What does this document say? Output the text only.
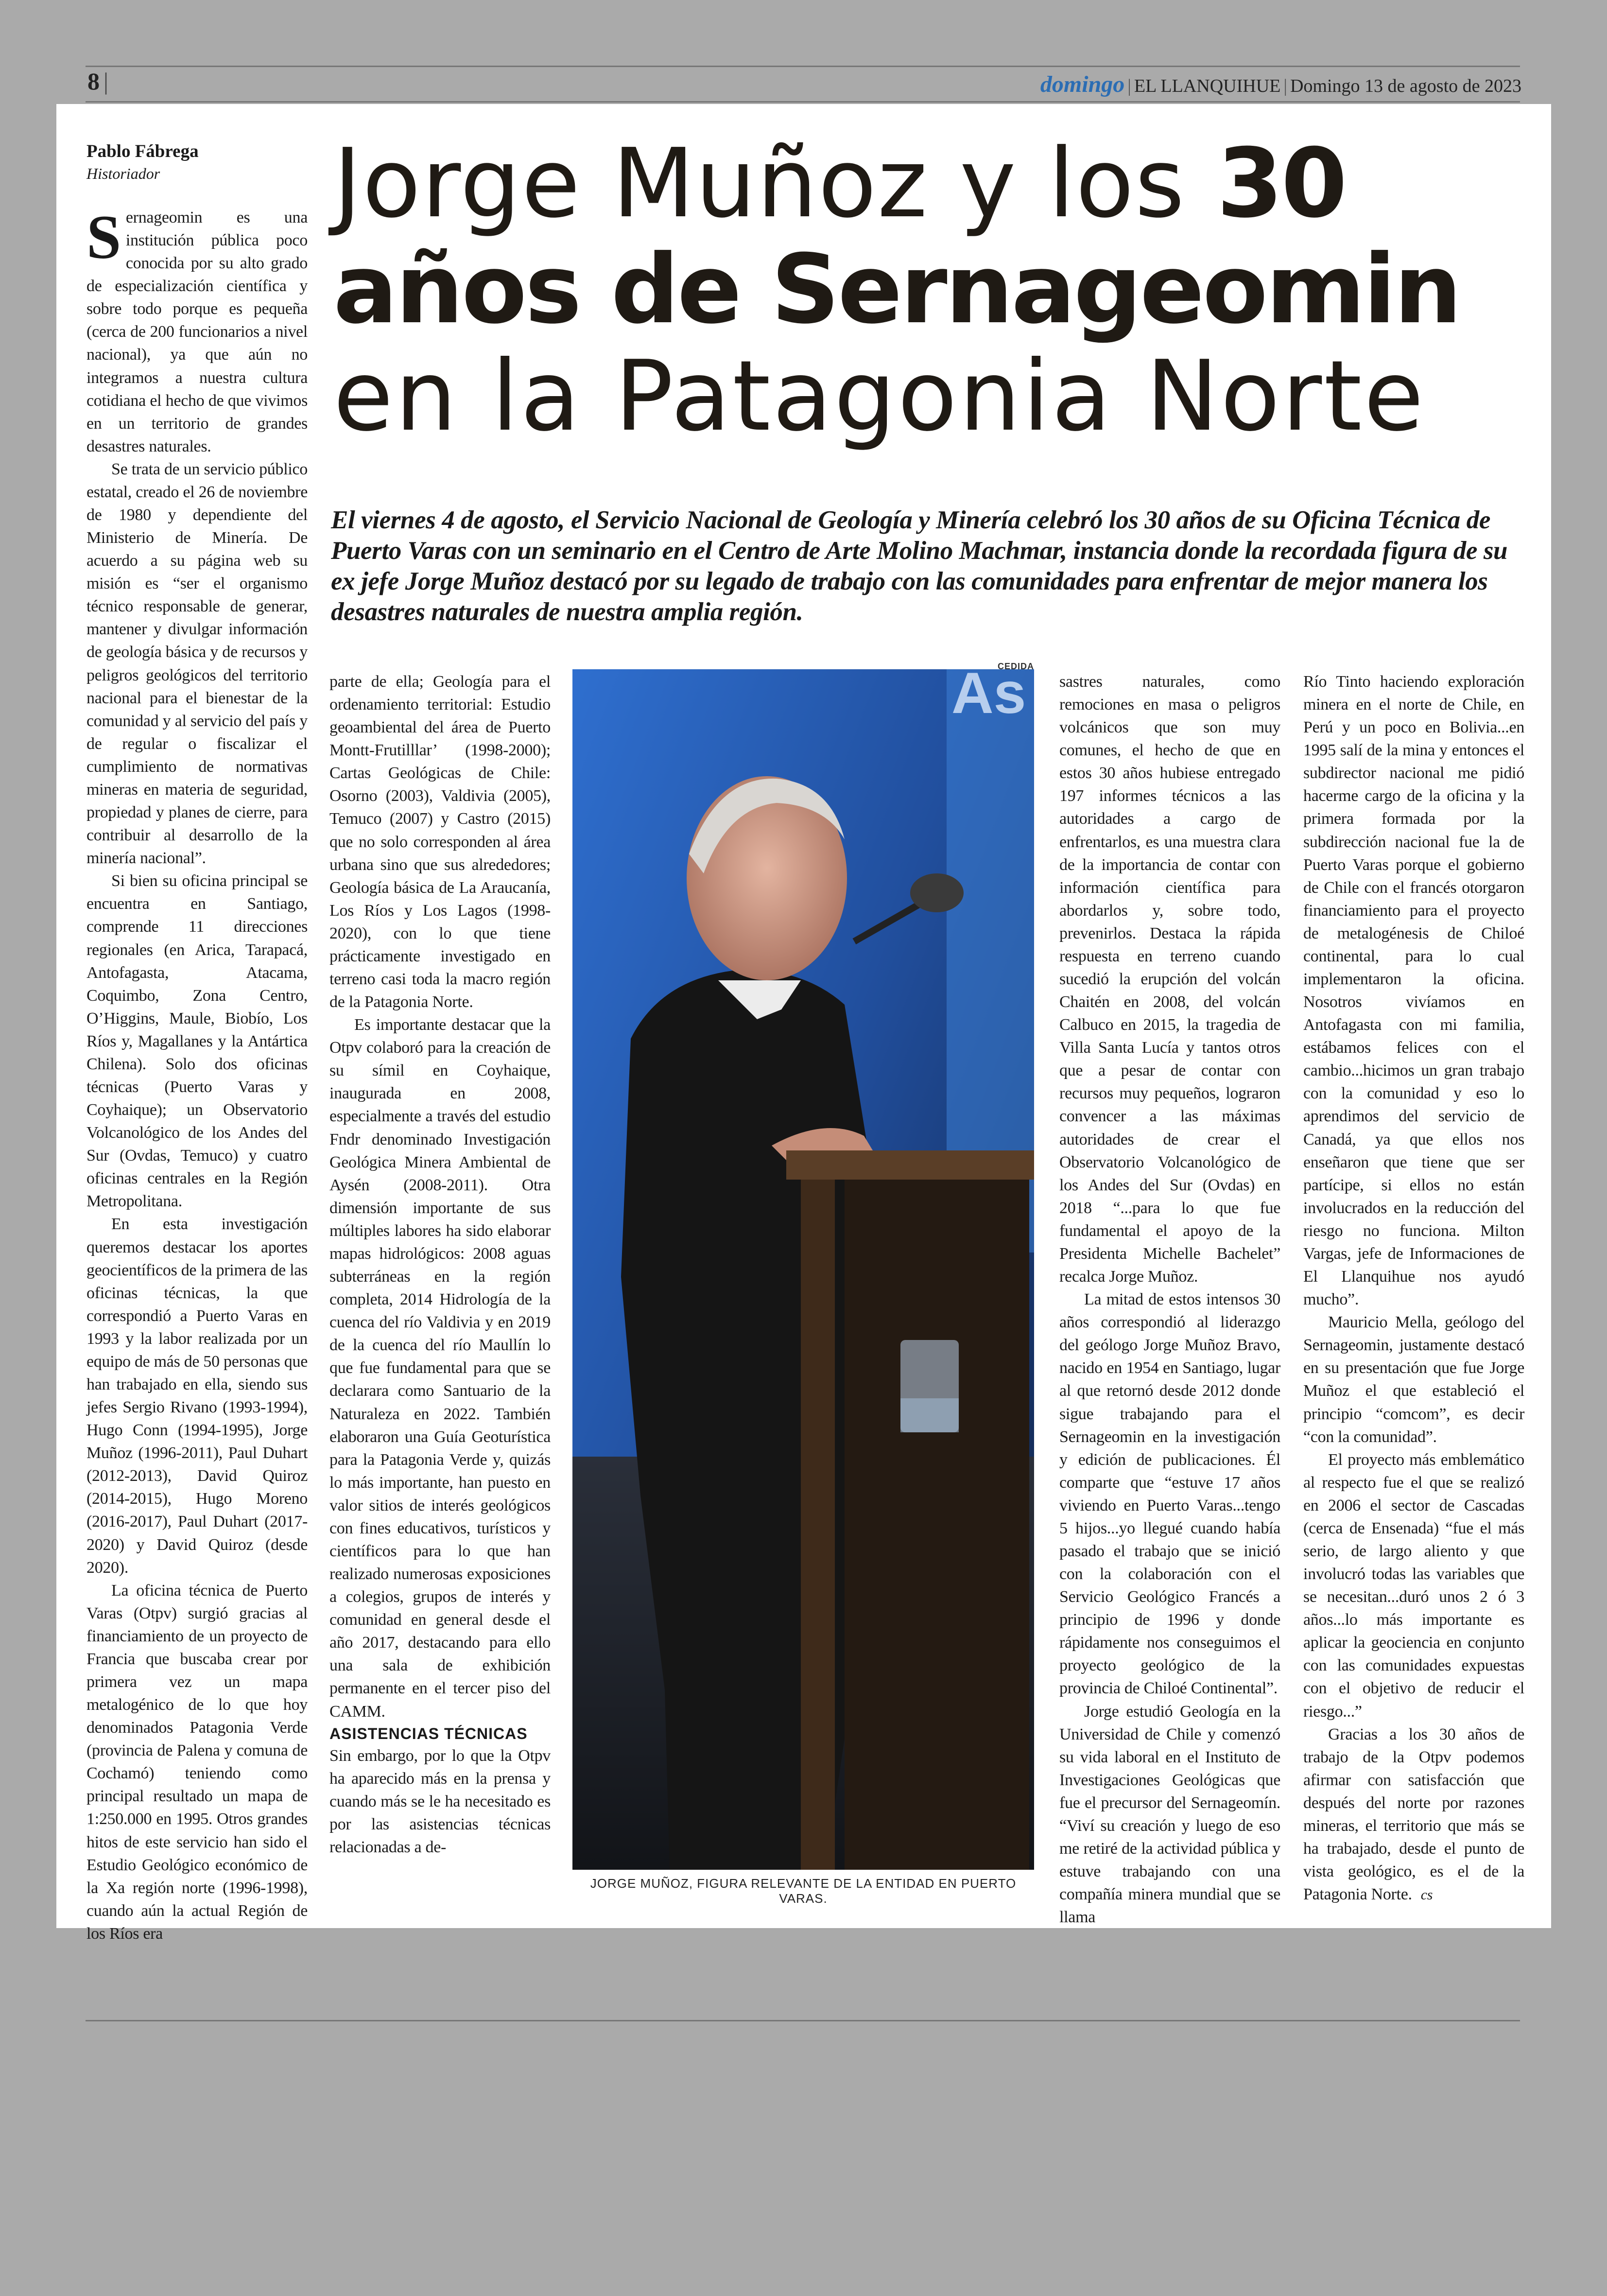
8 |	domingo | EL LLANQUIHUE | Domingo 13 de agosto de 2023
Pablo Fábrega
Historiador	Jorge Muñoz y los 30
años de Sernageomin
en la Patagonia Norte
El viernes 4 de agosto, el Servicio Nacional de Geología y Minería celebró los 30 años de su Oficina Técnica de Puerto Varas con un seminario en el Centro de Arte Molino Machmar, instancia donde la recordada figura de su ex jefe Jorge Muñoz destacó por su legado de trabajo con las comunidades para enfrentar de mejor manera los desastres naturales de nuestra amplia región.

Sernageomin es una institución pública poco conocida por su alto grado de especialización científica y sobre todo porque es pequeña (cerca de 200 funcionarios a nivel nacional), ya que aún no integramos a nuestra cultura cotidiana el hecho de que vivimos en un territorio de grandes desastres naturales.

Se trata de un servicio público estatal, creado el 26 de noviembre de 1980 y dependiente del Ministerio de Minería. De acuerdo a su página web su misión es “ser el organismo técnico responsable de generar, mantener y divulgar información de geología básica y de recursos y peligros geológicos del territorio nacional para el bienestar de la comunidad y al servicio del país y de regular o fiscalizar el cumplimiento de normativas mineras en materia de seguridad, propiedad y planes de cierre, para contribuir al desarrollo de la minería nacional”.

Si bien su oficina principal se encuentra en Santiago, comprende 11 direcciones regionales (en Arica, Tarapacá, Antofagasta, Atacama, Coquimbo, Zona Centro, O’Higgins, Maule, Biobío, Los Ríos y, Magallanes y la Antártica Chilena). Solo dos oficinas técnicas (Puerto Varas y Coyhaique); un Observatorio Volcanológico de los Andes del Sur (Ovdas, Temuco) y cuatro oficinas centrales en la Región Metropolitana.

En esta investigación queremos destacar los aportes geocientíficos de la primera de las oficinas técnicas, la que correspondió a Puerto Varas en 1993 y la labor realizada por un equipo de más de 50 personas que han trabajado en ella, siendo sus jefes Sergio Rivano (1993-1994), Hugo Conn (1994-1995), Jorge Muñoz (1996-2011), Paul Duhart (2012-2013), David Quiroz (2014-2015), Hugo Moreno (2016-2017), Paul Duhart (2017-2020) y David Quiroz (desde 2020).

La oficina técnica de Puerto Varas (Otpv) surgió gracias al financiamiento de un proyecto de Francia que buscaba crear por primera vez un mapa metalogénico de lo que hoy denominados Patagonia Verde (provincia de Palena y comuna de Cochamó) teniendo como principal resultado un mapa de 1:250.000 en 1995. Otros grandes hitos de este servicio han sido el Estudio Geológico económico de la Xa región norte (1996-1998), cuando aún la actual Región de los Ríos era

parte de ella; Geología para el ordenamiento territorial: Estudio geoambiental del área de Puerto Montt-Frutilllar’ (1998-2000); Cartas Geológicas de Chile: Osorno (2003), Valdivia (2005), Temuco (2007) y Castro (2015) que no solo corresponden al área urbana sino que sus alrededores; Geología básica de La Araucanía, Los Ríos y Los Lagos (1998-2020), con lo que tiene prácticamente investigado en terreno casi toda la macro región de la Patagonia Norte.

Es importante destacar que la Otpv colaboró para la creación de su símil en Coyhaique, inaugurada en 2008, especialmente a través del estudio Fndr denominado Investigación Geológica Minera Ambiental de Aysén (2008-2011). Otra dimensión importante de sus múltiples labores ha sido elaborar mapas hidrológicos: 2008 aguas subterráneas en la región completa, 2014 Hidrología de la cuenca del río Valdivia y en 2019 de la cuenca del río Maullín lo que fue fundamental para que se declarara como Santuario de la Naturaleza en 2022. También elaboraron una Guía Geoturística para la Patagonia Verde y, quizás lo más importante, han puesto en valor sitios de interés geológicos con fines educativos, turísticos y científicos para lo que han realizado numerosas exposiciones a colegios, grupos de interés y comunidad en general desde el año 2017, destacando para ello una sala de exhibición permanente en el tercer piso del CAMM.

ASISTENCIAS TÉCNICAS

Sin embargo, por lo que la Otpv ha aparecido más en la prensa y cuando más se le ha necesitado es por las asistencias técnicas relacionadas a de-

CEDIDA
As
JORGE MUÑOZ, FIGURA RELEVANTE DE LA ENTIDAD EN PUERTO VARAS.

sastres naturales, como remociones en masa o peligros volcánicos que son muy comunes, el hecho de que en estos 30 años hubiese entregado 197 informes técnicos a las autoridades a cargo de enfrentarlos, es una muestra clara de la importancia de contar con información científica para abordarlos y, sobre todo, prevenirlos. Destaca la rápida respuesta en terreno cuando sucedió la erupción del volcán Chaitén en 2008, del volcán Calbuco en 2015, la tragedia de Villa Santa Lucía y tantos otros que a pesar de contar con recursos muy pequeños, lograron convencer a las máximas autoridades de crear el Observatorio Volcanológico de los Andes del Sur (Ovdas) en 2018 “...para lo que fue fundamental el apoyo de la Presidenta Michelle Bachelet” recalca Jorge Muñoz.

La mitad de estos intensos 30 años correspondió al liderazgo del geólogo Jorge Muñoz Bravo, nacido en 1954 en Santiago, lugar al que retornó desde 2012 donde sigue trabajando para el Sernageomin en la investigación y edición de publicaciones. Él comparte que “estuve 17 años viviendo en Puerto Varas...tengo 5 hijos...yo llegué cuando había pasado el trabajo que se inició con la colaboración con el Servicio Geológico Francés a principio de 1996 y donde rápidamente nos conseguimos el proyecto geológico de la provincia de Chiloé Continental”.

Jorge estudió Geología en la Universidad de Chile y comenzó su vida laboral en el Instituto de Investigaciones Geológicas que fue el precursor del Sernageomín. “Viví su creación y luego de eso me retiré de la actividad pública y estuve trabajando con una compañía minera mundial que se llama

Río Tinto haciendo exploración minera en el norte de Chile, en Perú y un poco en Bolivia...en 1995 salí de la mina y entonces el subdirector nacional me pidió hacerme cargo de la oficina y la primera formada por la subdirección nacional fue la de Puerto Varas porque el gobierno de Chile con el francés otorgaron financiamiento para el proyecto de metalogénesis de Chiloé continental, para lo cual implementaron la oficina. Nosotros vivíamos en Antofagasta con mi familia, estábamos felices con el cambio...hicimos un gran trabajo con la comunidad y eso lo aprendimos del servicio de Canadá, ya que ellos nos enseñaron que tiene que ser partícipe, si ellos no están involucrados en la reducción del riesgo no funciona. Milton Vargas, jefe de Informaciones de El Llanquihue nos ayudó mucho”.

Mauricio Mella, geólogo del Sernageomin, justamente destacó en su presentación que fue Jorge Muñoz el que estableció el principio “comcom”, es decir “con la comunidad”.

El proyecto más emblemático al respecto fue el que se realizó en 2006 el sector de Cascadas (cerca de Ensenada) “fue el más serio, de largo aliento y que involucró todas las variables que se necesitan...duró unos 2 ó 3 años...lo más importante es aplicar la geociencia en conjunto con las comunidades expuestas con el objetivo de reducir el riesgo...”

Gracias a los 30 años de trabajo de la Otpv podemos afirmar con satisfacción que después del norte por razones mineras, el territorio que más se ha trabajado, desde el punto de vista geológico, es el de la Patagonia Norte. cs
